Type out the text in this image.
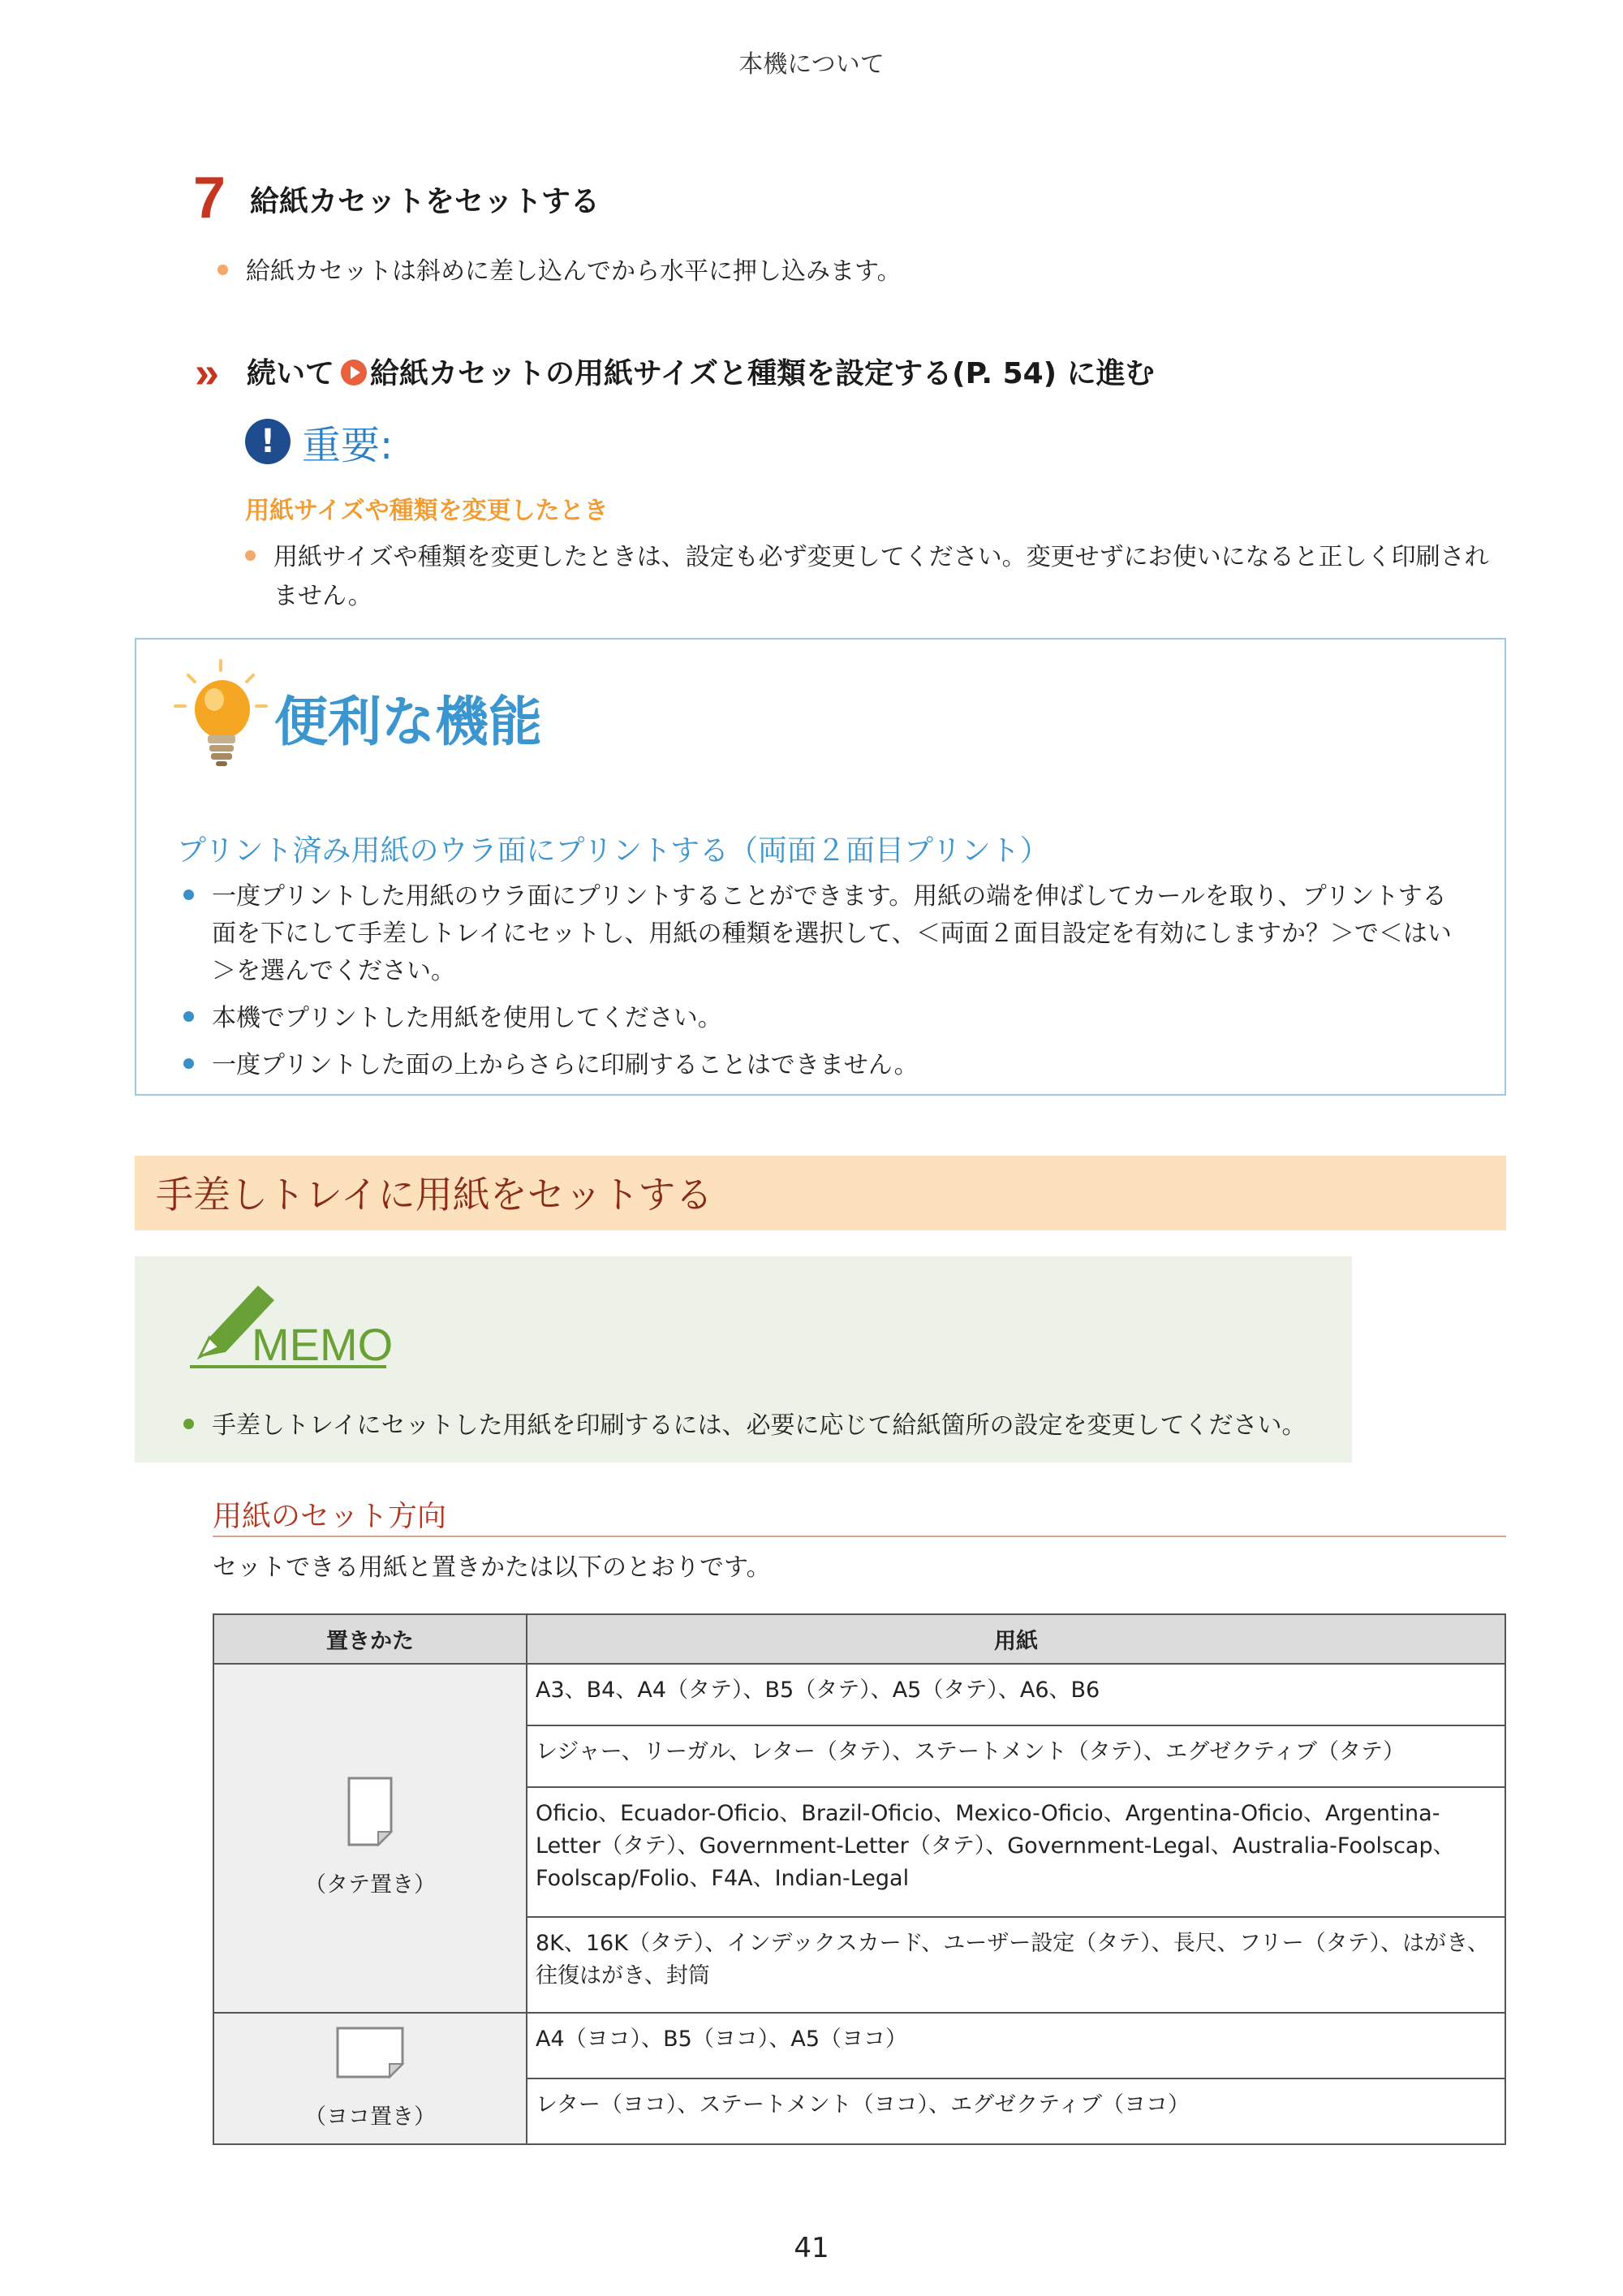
本機について
7 給紙カセットをセットする
給紙カセットは斜めに差し込んでから水平に押し込みます。
» 続いて 給紙カセットの用紙サイズと種類を設定する(P. 54) に進む
! 重要:
用紙サイズや種類を変更したとき
用紙サイズや種類を変更したときは、設定も必ず変更してください。変更せずにお使いになると正しく印刷され
ません。
便利な機能
プリント済み用紙のウラ面にプリントする（両面２面目プリント）
一度プリントした用紙のウラ面にプリントすることができます。用紙の端を伸ばしてカールを取り、プリントする
面を下にして手差しトレイにセットし、用紙の種類を選択して、＜両面２面目設定を有効にしますか？＞で＜はい
＞を選んでください。
本機でプリントした用紙を使用してください。
一度プリントした面の上からさらに印刷することはできません。
手差しトレイに用紙をセットする
MEMO
手差しトレイにセットした用紙を印刷するには、必要に応じて給紙箇所の設定を変更してください。
用紙のセット方向
セットできる用紙と置きかたは以下のとおりです。
置きかた	用紙

（タテ置き）	A3、B4、A4（タテ）、B5（タテ）、A5（タテ）、A6、B6
	レジャー、リーガル、レター（タテ）、ステートメント（タテ）、エグゼクティブ（タテ）
	Oficio、Ecuador-Oficio、Brazil-Oficio、Mexico-Oficio、Argentina-Oficio、Argentina-Letter（タテ）、Government-Letter（タテ）、Government-Legal、Australia-Foolscap、Foolscap/Folio、F4A、Indian-Legal
	8K、16K（タテ）、インデックスカード、ユーザー設定（タテ）、長尺、フリー（タテ）、はがき、往復はがき、封筒

（ヨコ置き）	A4（ヨコ）、B5（ヨコ）、A5（ヨコ）
	レター（ヨコ）、ステートメント（ヨコ）、エグゼクティブ（ヨコ）
41
